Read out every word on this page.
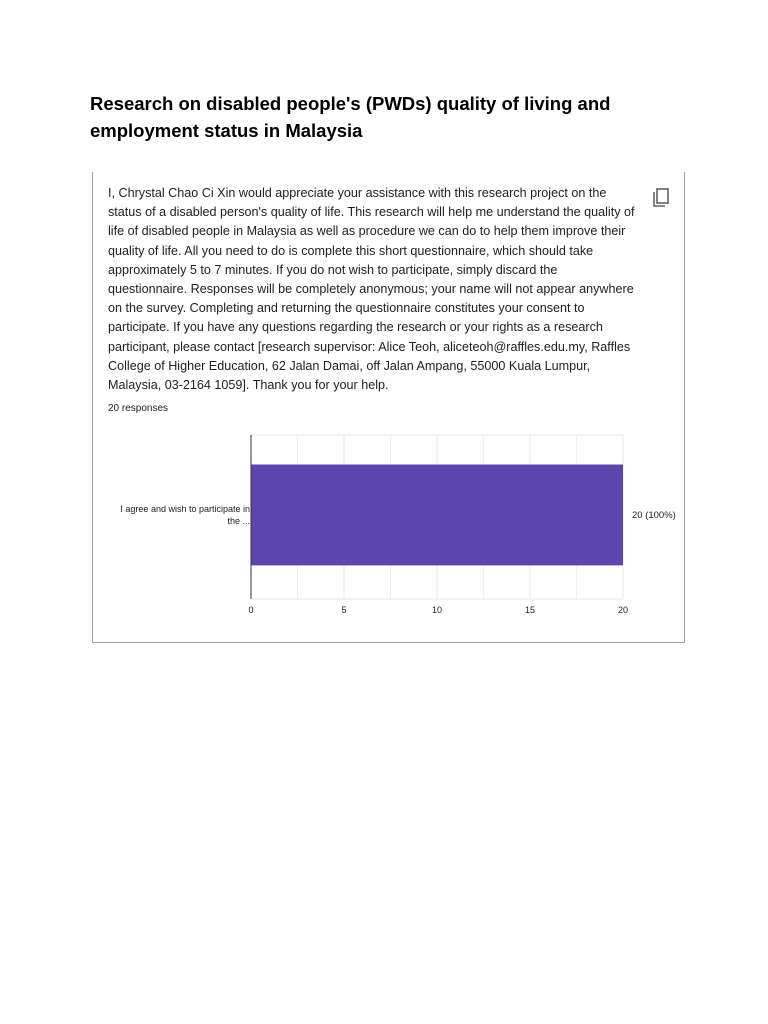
Research on disabled people's (PWDs) quality of living and employment status in Malaysia

I, Chrystal Chao Ci Xin would appreciate your assistance with this research project on the status of a disabled person's quality of life. This research will help me understand the quality of life of disabled people in Malaysia as well as procedure we can do to help them improve their quality of life. All you need to do is complete this short questionnaire, which should take approximately 5 to 7 minutes. If you do not wish to participate, simply discard the questionnaire. Responses will be completely anonymous; your name will not appear anywhere on the survey. Completing and returning the questionnaire constitutes your consent to participate. If you have any questions regarding the research or your rights as a research participant, please contact [research supervisor: Alice Teoh, aliceteoh@raffles.edu.my, Raffles College of Higher Education, 62 Jalan Damai, off Jalan Ampang, 55000 Kuala Lumpur, Malaysia, 03-2164 1059]. Thank you for your help.

20 responses
I agree and wish to participate in the ...	20 (100%)
0	5	10	15	20
